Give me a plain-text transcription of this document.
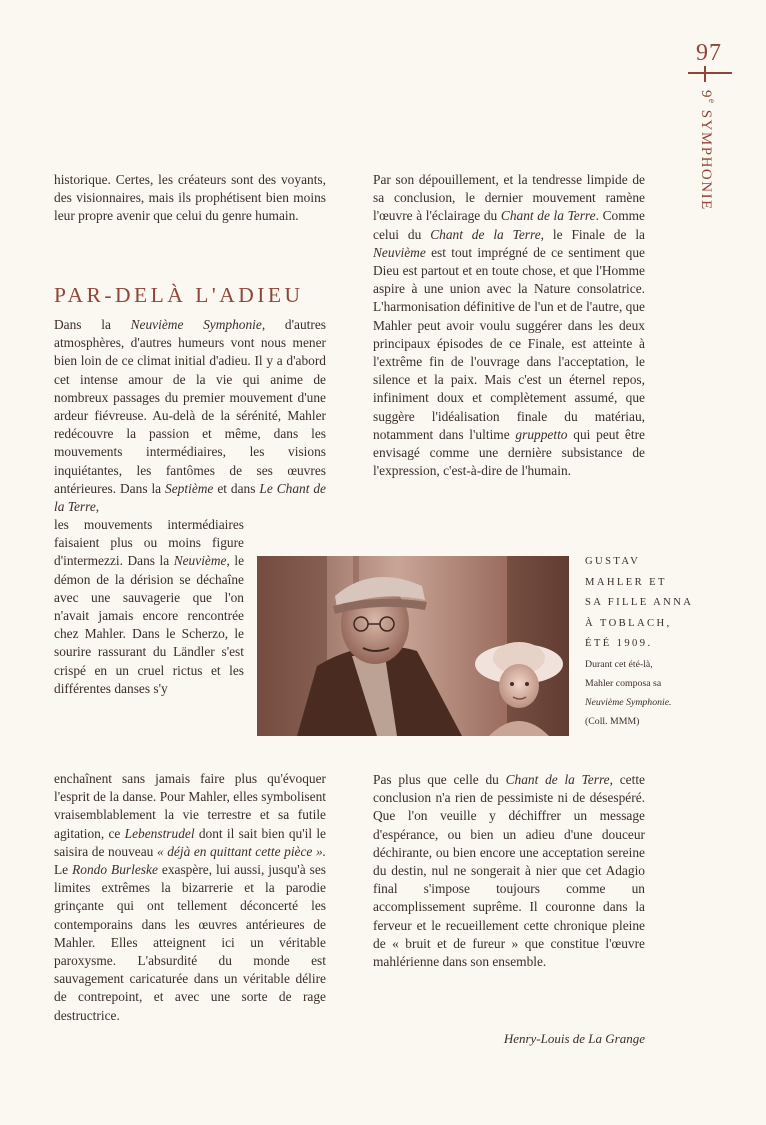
97
9e SYMPHONIE

historique. Certes, les créateurs sont des voyants, des visionnaires, mais ils prophétisent bien moins leur propre avenir que celui du genre humain.

PAR-DELÀ L'ADIEU

Dans la Neuvième Symphonie, d'autres atmosphères, d'autres humeurs vont nous mener bien loin de ce climat initial d'adieu. Il y a d'abord cet intense amour de la vie qui anime de nombreux passages du premier mouvement d'une ardeur fiévreuse. Au-delà de la sérénité, Mahler redécouvre la passion et même, dans les mouvements intermédiaires, les visions inquiétantes, les fantômes de ses œuvres antérieures. Dans la Septième et dans Le Chant de la Terre,

les mouvements intermédiaires faisaient plus ou moins figure d'intermezzi. Dans la Neuvième, le démon de la dérision se déchaîne avec une sauvagerie que l'on n'avait jamais encore rencontrée chez Mahler. Dans le Scherzo, le sourire rassurant du Ländler s'est crispé en un cruel rictus et les différentes danses s'y

enchaînent sans jamais faire plus qu'évoquer l'esprit de la danse. Pour Mahler, elles symbolisent vraisemblablement la vie terrestre et sa futile agitation, ce Lebenstrudel dont il sait bien qu'il le saisira de nouveau « déjà en quittant cette pièce ». Le Rondo Burleske exaspère, lui aussi, jusqu'à ses limites extrêmes la bizarrerie et la parodie grinçante qui ont tellement déconcerté les contemporains dans les œuvres antérieures de Mahler. Elles atteignent ici un véritable paroxysme. L'absurdité du monde est sauvagement caricaturée dans un véritable délire de contrepoint, et avec une sorte de rage destructrice.

Par son dépouillement, et la tendresse limpide de sa conclusion, le dernier mouvement ramène l'œuvre à l'éclairage du Chant de la Terre. Comme celui du Chant de la Terre, le Finale de la Neuvième est tout imprégné de ce sentiment que Dieu est partout et en toute chose, et que l'Homme aspire à une union avec la Nature consolatrice. L'harmonisation définitive de l'un et de l'autre, que Mahler peut avoir voulu suggérer dans les deux principaux épisodes de ce Finale, est atteinte à l'extrême fin de l'ouvrage dans l'acceptation, le silence et la paix. Mais c'est un éternel repos, infiniment doux et complètement assumé, que suggère l'idéalisation finale du matériau, notamment dans l'ultime gruppetto qui peut être envisagé comme une dernière subsistance de l'expression, c'est-à-dire de l'humain.

Pas plus que celle du Chant de la Terre, cette conclusion n'a rien de pessimiste ni de désespéré. Que l'on veuille y déchiffrer un message d'espérance, ou bien un adieu d'une douceur déchirante, ou bien encore une acceptation sereine du destin, nul ne songerait à nier que cet Adagio final s'impose toujours comme un accomplissement suprême. Il couronne dans la ferveur et le recueillement cette chronique pleine de « bruit et de fureur » que constitue l'œuvre mahlérienne dans son ensemble.

Henry-Louis de La Grange
GUSTAV
MAHLER ET
SA FILLE ANNA
À TOBLACH,
ÉTÉ 1909.
Durant cet été-là,
Mahler composa sa
Neuvième Symphonie.
(Coll. MMM)
